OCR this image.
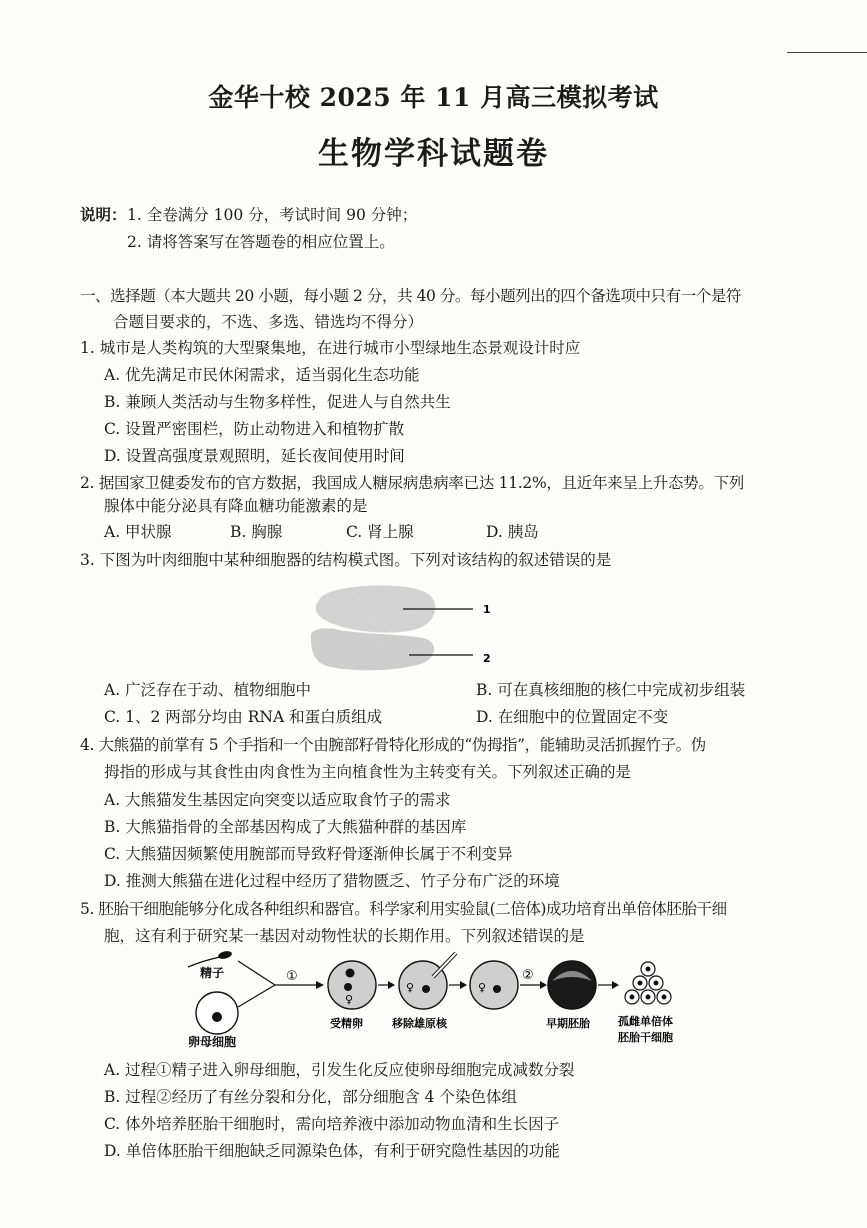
金华十校 2025 年 11 月高三模拟考试
生物学科试题卷
说明： 1. 全卷满分 100 分，考试时间 90 分钟；
2. 请将答案写在答题卷的相应位置上。
一、选择题（本大题共 20 小题，每小题 2 分，共 40 分。每小题列出的四个备选项中只有一个是符
合题目要求的，不选、多选、错选均不得分）
1. 城市是人类构筑的大型聚集地，在进行城市小型绿地生态景观设计时应
A. 优先满足市民休闲需求，适当弱化生态功能
B. 兼顾人类活动与生物多样性，促进人与自然共生
C. 设置严密围栏，防止动物进入和植物扩散
D. 设置高强度景观照明，延长夜间使用时间
2. 据国家卫健委发布的官方数据，我国成人糖尿病患病率已达 11.2%，且近年来呈上升态势。下列
腺体中能分泌具有降血糖功能激素的是
A. 甲状腺	B. 胸腺	C. 肾上腺	D. 胰岛
3. 下图为叶肉细胞中某种细胞器的结构模式图。下列对该结构的叙述错误的是
1
2
A. 广泛存在于动、植物细胞中	B. 可在真核细胞的核仁中完成初步组装
C. 1、2 两部分均由 RNA 和蛋白质组成	D. 在细胞中的位置固定不变
4. 大熊猫的前掌有 5 个手指和一个由腕部籽骨特化形成的“伪拇指”，能辅助灵活抓握竹子。伪
拇指的形成与其食性由肉食性为主向植食性为主转变有关。下列叙述正确的是
A. 大熊猫发生基因定向突变以适应取食竹子的需求
B. 大熊猫指骨的全部基因构成了大熊猫种群的基因库
C. 大熊猫因频繁使用腕部而导致籽骨逐渐伸长属于不利变异
D. 推测大熊猫在进化过程中经历了猎物匮乏、竹子分布广泛的环境
5. 胚胎干细胞能够分化成各种组织和器官。科学家利用实验鼠(二倍体)成功培育出单倍体胚胎干细
胞，这有利于研究某一基因对动物性状的长期作用。下列叙述错误的是
精子
卵母细胞
①
♀
受精卵
♀
移除雄原核
♀
②
早期胚胎	孤雌单倍体
胚胎干细胞
A. 过程①精子进入卵母细胞，引发生化反应使卵母细胞完成减数分裂
B. 过程②经历了有丝分裂和分化，部分细胞含 4 个染色体组
C. 体外培养胚胎干细胞时，需向培养液中添加动物血清和生长因子
D. 单倍体胚胎干细胞缺乏同源染色体，有利于研究隐性基因的功能
